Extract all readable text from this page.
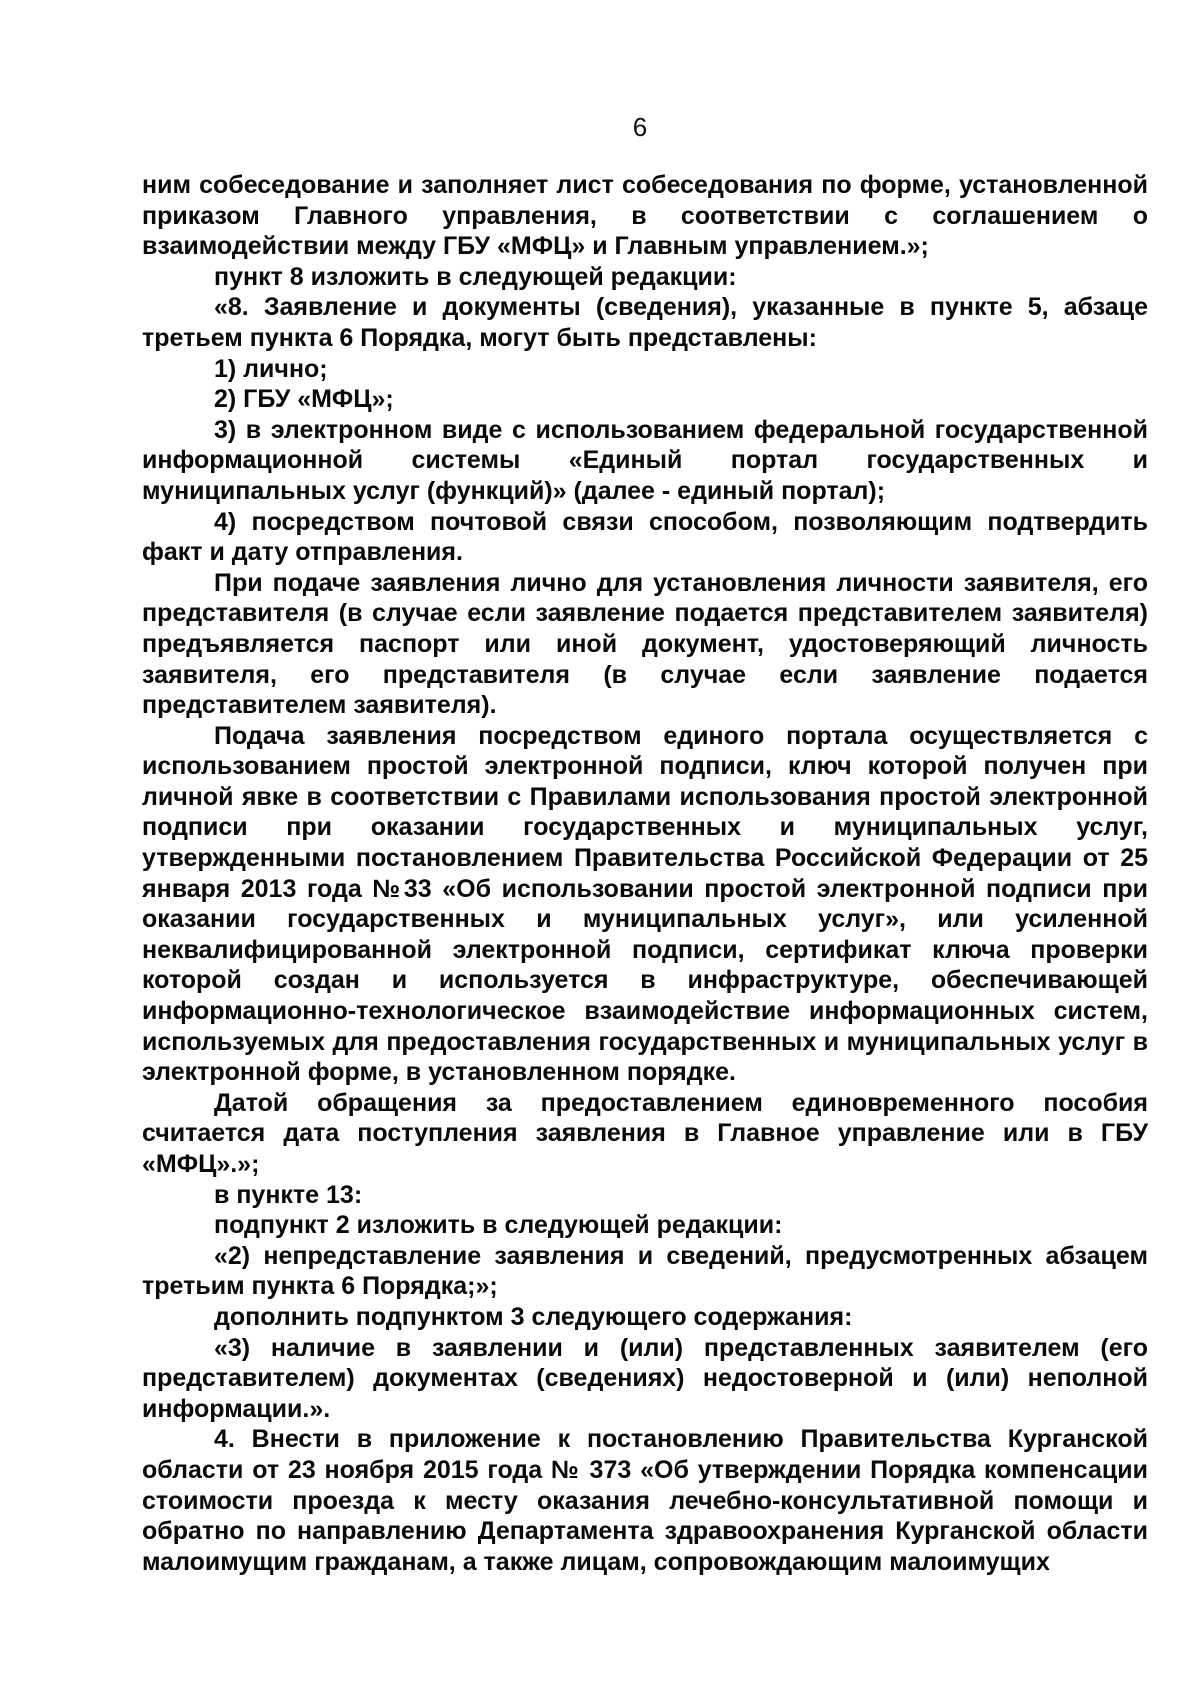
6

ним собеседование и заполняет лист собеседования по форме, установленной приказом Главного управления, в соответствии с соглашением о взаимодействии между ГБУ «МФЦ» и Главным управлением.»;

пункт 8 изложить в следующей редакции:

«8. Заявление и документы (сведения), указанные в пункте 5, абзаце третьем пункта 6 Порядка, могут быть представлены:

1) лично;

2) ГБУ «МФЦ»;

3) в электронном виде с использованием федеральной государственной информационной системы «Единый портал государственных и муниципальных услуг (функций)» (далее - единый портал);

4) посредством почтовой связи способом, позволяющим подтвердить факт и дату отправления.

При подаче заявления лично для установления личности заявителя, его представителя (в случае если заявление подается представителем заявителя) предъявляется паспорт или иной документ, удостоверяющий личность заявителя, его представителя (в случае если заявление подается представителем заявителя).

Подача заявления посредством единого портала осуществляется с использованием простой электронной подписи, ключ которой получен при личной явке в соответствии с Правилами использования простой электронной подписи при оказании государственных и муниципальных услуг, утвержденными постановлением Правительства Российской Федерации от 25 января 2013 года №33 «Об использовании простой электронной подписи при оказании государственных и муниципальных услуг», или усиленной неквалифицированной электронной подписи, сертификат ключа проверки которой создан и используется в инфраструктуре, обеспечивающей информационно-технологическое взаимодействие информационных систем, используемых для предоставления государственных и муниципальных услуг в электронной форме, в установленном порядке.

Датой обращения за предоставлением единовременного пособия считается дата поступления заявления в Главное управление или в ГБУ «МФЦ».»;

в пункте 13:

подпункт 2 изложить в следующей редакции:

«2) непредставление заявления и сведений, предусмотренных абзацем третьим пункта 6 Порядка;»;

дополнить подпунктом 3 следующего содержания:

«3) наличие в заявлении и (или) представленных заявителем (его представителем) документах (сведениях) недостоверной и (или) неполной информации.».

4. Внести в приложение к постановлению Правительства Курганской области от 23 ноября 2015 года № 373 «Об утверждении Порядка компенсации стоимости проезда к месту оказания лечебно-консультативной помощи и обратно по направлению Департамента здравоохранения Курганской области малоимущим гражданам, а также лицам, сопровождающим малоимущих
